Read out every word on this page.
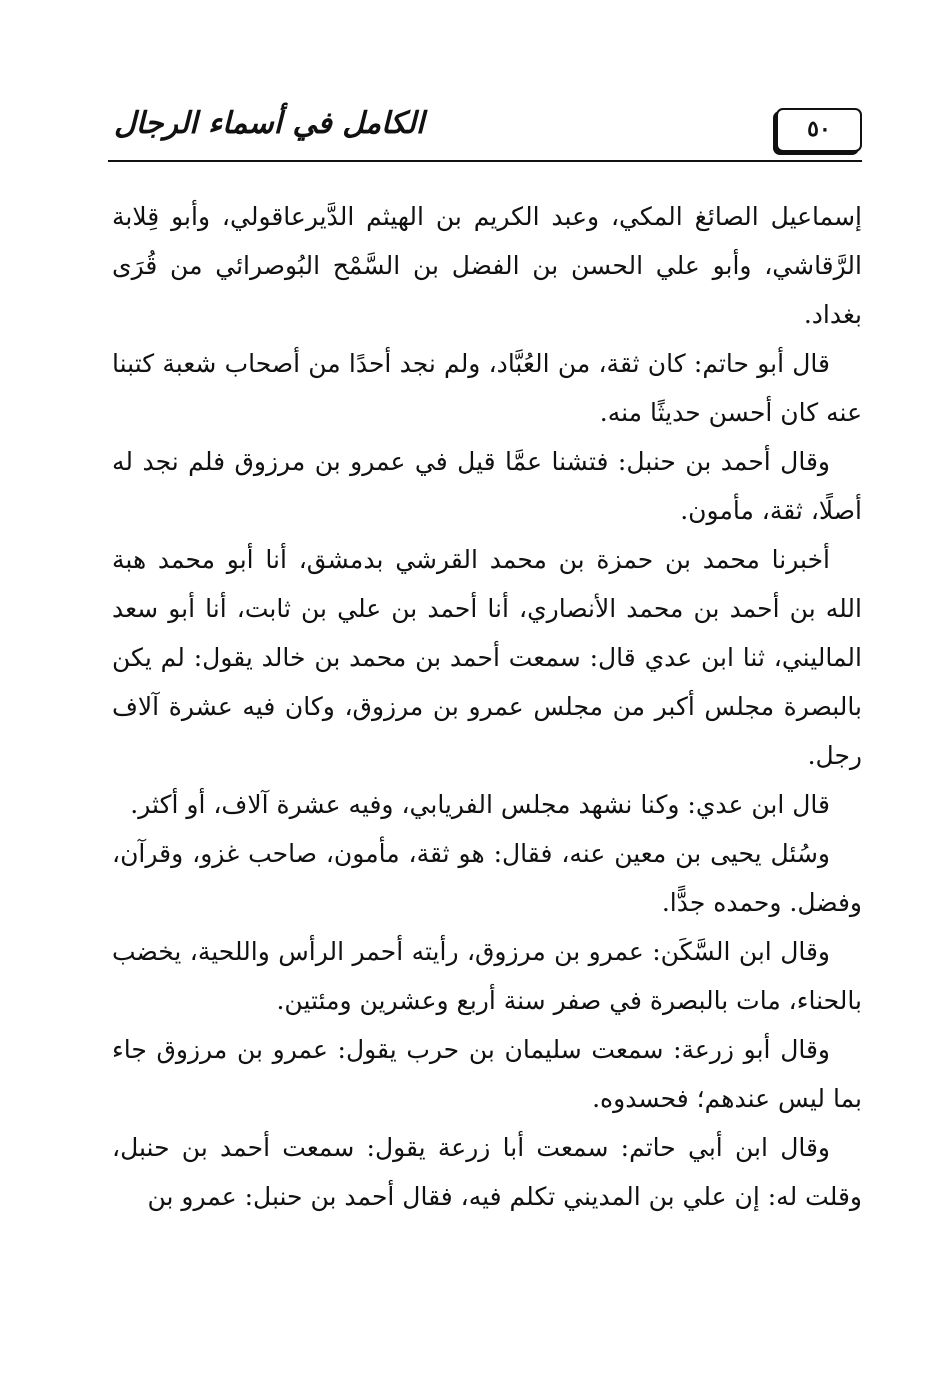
الكامل في أسماء الرجال	٥٠

إسماعيل الصائغ المكي، وعبد الكريم بن الهيثم الدَّيرعاقولي، وأبو قِلابة الرَّقاشي، وأبو علي الحسن بن الفضل بن السَّمْح البُوصرائي من قُرَى بغداد.

قال أبو حاتم: كان ثقة، من العُبَّاد، ولم نجد أحدًا من أصحاب شعبة كتبنا عنه كان أحسن حديثًا منه.

وقال أحمد بن حنبل: فتشنا عمَّا قيل في عمرو بن مرزوق فلم نجد له أصلًا، ثقة، مأمون.

أخبرنا محمد بن حمزة بن محمد القرشي بدمشق، أنا أبو محمد هبة الله بن أحمد بن محمد الأنصاري، أنا أحمد بن علي بن ثابت، أنا أبو سعد الماليني، ثنا ابن عدي قال: سمعت أحمد بن محمد بن خالد يقول: لم يكن بالبصرة مجلس أكبر من مجلس عمرو بن مرزوق، وكان فيه عشرة آلاف رجل.

قال ابن عدي: وكنا نشهد مجلس الفريابي، وفيه عشرة آلاف، أو أكثر.

وسُئل يحيى بن معين عنه، فقال: هو ثقة، مأمون، صاحب غزو، وقرآن، وفضل. وحمده جدًّا.

وقال ابن السَّكَن: عمرو بن مرزوق، رأيته أحمر الرأس واللحية، يخضب بالحناء، مات بالبصرة في صفر سنة أربع وعشرين ومئتين.

وقال أبو زرعة: سمعت سليمان بن حرب يقول: عمرو بن مرزوق جاء بما ليس عندهم؛ فحسدوه.

وقال ابن أبي حاتم: سمعت أبا زرعة يقول: سمعت أحمد بن حنبل، وقلت له: إن علي بن المديني تكلم فيه، فقال أحمد بن حنبل: عمرو بن
